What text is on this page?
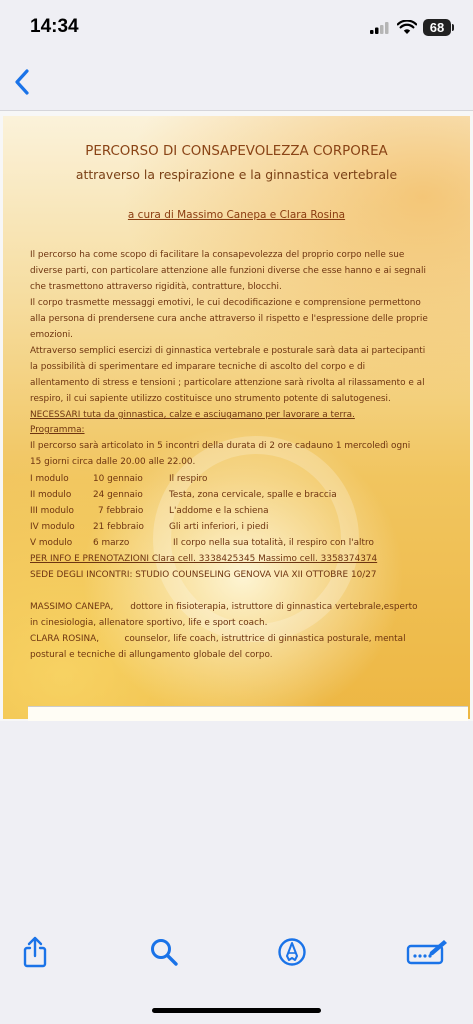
14:34	68
PERCORSO DI CONSAPEVOLEZZA CORPOREA
attraverso la respirazione e la ginnastica vertebrale
a cura di Massimo Canepa e Clara Rosina
Il percorso ha come scopo di facilitare la consapevolezza del proprio corpo nelle sue
diverse parti, con particolare attenzione alle funzioni diverse che esse hanno e ai segnali
che trasmettono attraverso rigidità, contratture, blocchi.
Il corpo trasmette messaggi emotivi, le cui decodificazione e comprensione permettono
alla persona di prendersene cura anche attraverso il rispetto e l'espressione delle proprie
emozioni.
Attraverso semplici esercizi di ginnastica vertebrale e posturale sarà data ai partecipanti
la possibilità di sperimentare ed imparare tecniche di ascolto del corpo e di
allentamento di stress e tensioni ; particolare attenzione sarà rivolta al rilassamento e al
respiro, il cui sapiente utilizzo costituisce uno strumento potente di salutogenesi.
NECESSARI tuta da ginnastica, calze e asciugamano per lavorare a terra.
Programma:
Il percorso sarà articolato in 5 incontri della durata di 2 ore cadauno 1 mercoledì ogni
15 giorni circa dalle 20.00 alle 22.00.
I modulo	10 gennaio	Il respiro
II modulo 24 gennaio	Testa, zona cervicale, spalle e braccia
III modulo	7 febbraio	L'addome e la schiena
IV modulo 21 febbraio	Gli arti inferiori, i piedi
V modulo 6 marzo	Il corpo nella sua totalità, il respiro con l'altro
PER INFO E PRENOTAZIONI Clara cell. 3338425345 Massimo cell. 3358374374
SEDE DEGLI INCONTRI: STUDIO COUNSELING GENOVA VIA XII OTTOBRE 10/27
MASSIMO CANEPA,      dottore in fisioterapia, istruttore di ginnastica vertebrale,esperto
in cinesiologia, allenatore sportivo, life e sport coach.
CLARA ROSINA,         counselor, life coach, istruttrice di ginnastica posturale, mental
postural e tecniche di allungamento globale del corpo.
